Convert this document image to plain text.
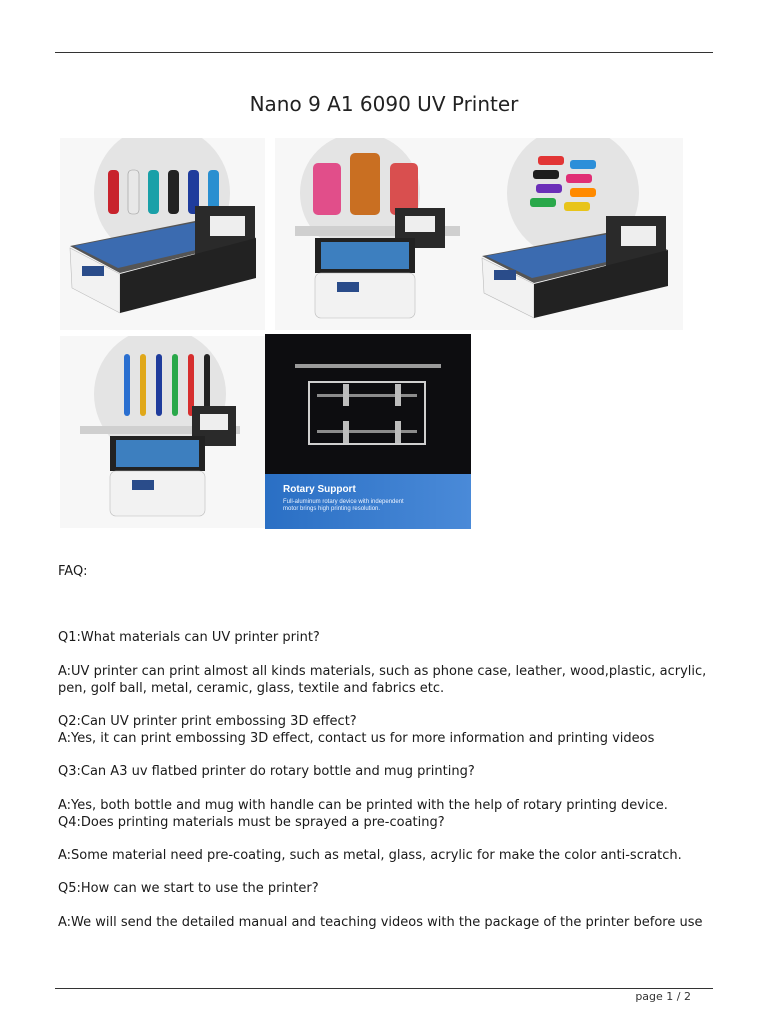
Nano 9 A1 6090 UV Printer
Rotary Support
Full-aluminum rotary device with independent
motor brings high printing resolution.
FAQ:
Q1:What materials can UV printer print?

A:UV printer can print almost all kinds materials, such as phone case, leather, wood,plastic, acrylic,

pen, golf ball, metal, ceramic, glass, textile and fabrics etc.

Q2:Can UV printer print embossing 3D effect?
A:Yes, it can print embossing 3D effect, contact us for more information and printing videos
Q3:Can A3 uv flatbed printer do rotary bottle and mug printing?
A:Yes, both bottle and mug with handle can be printed with the help of rotary printing device.
Q4:Does printing materials must be sprayed a pre-coating?
A:Some material need pre-coating, such as metal, glass, acrylic for make the color anti-scratch.
Q5:How can we start to use the printer?
A:We will send the detailed manual and teaching videos with the package of the printer before use
page 1 / 2
